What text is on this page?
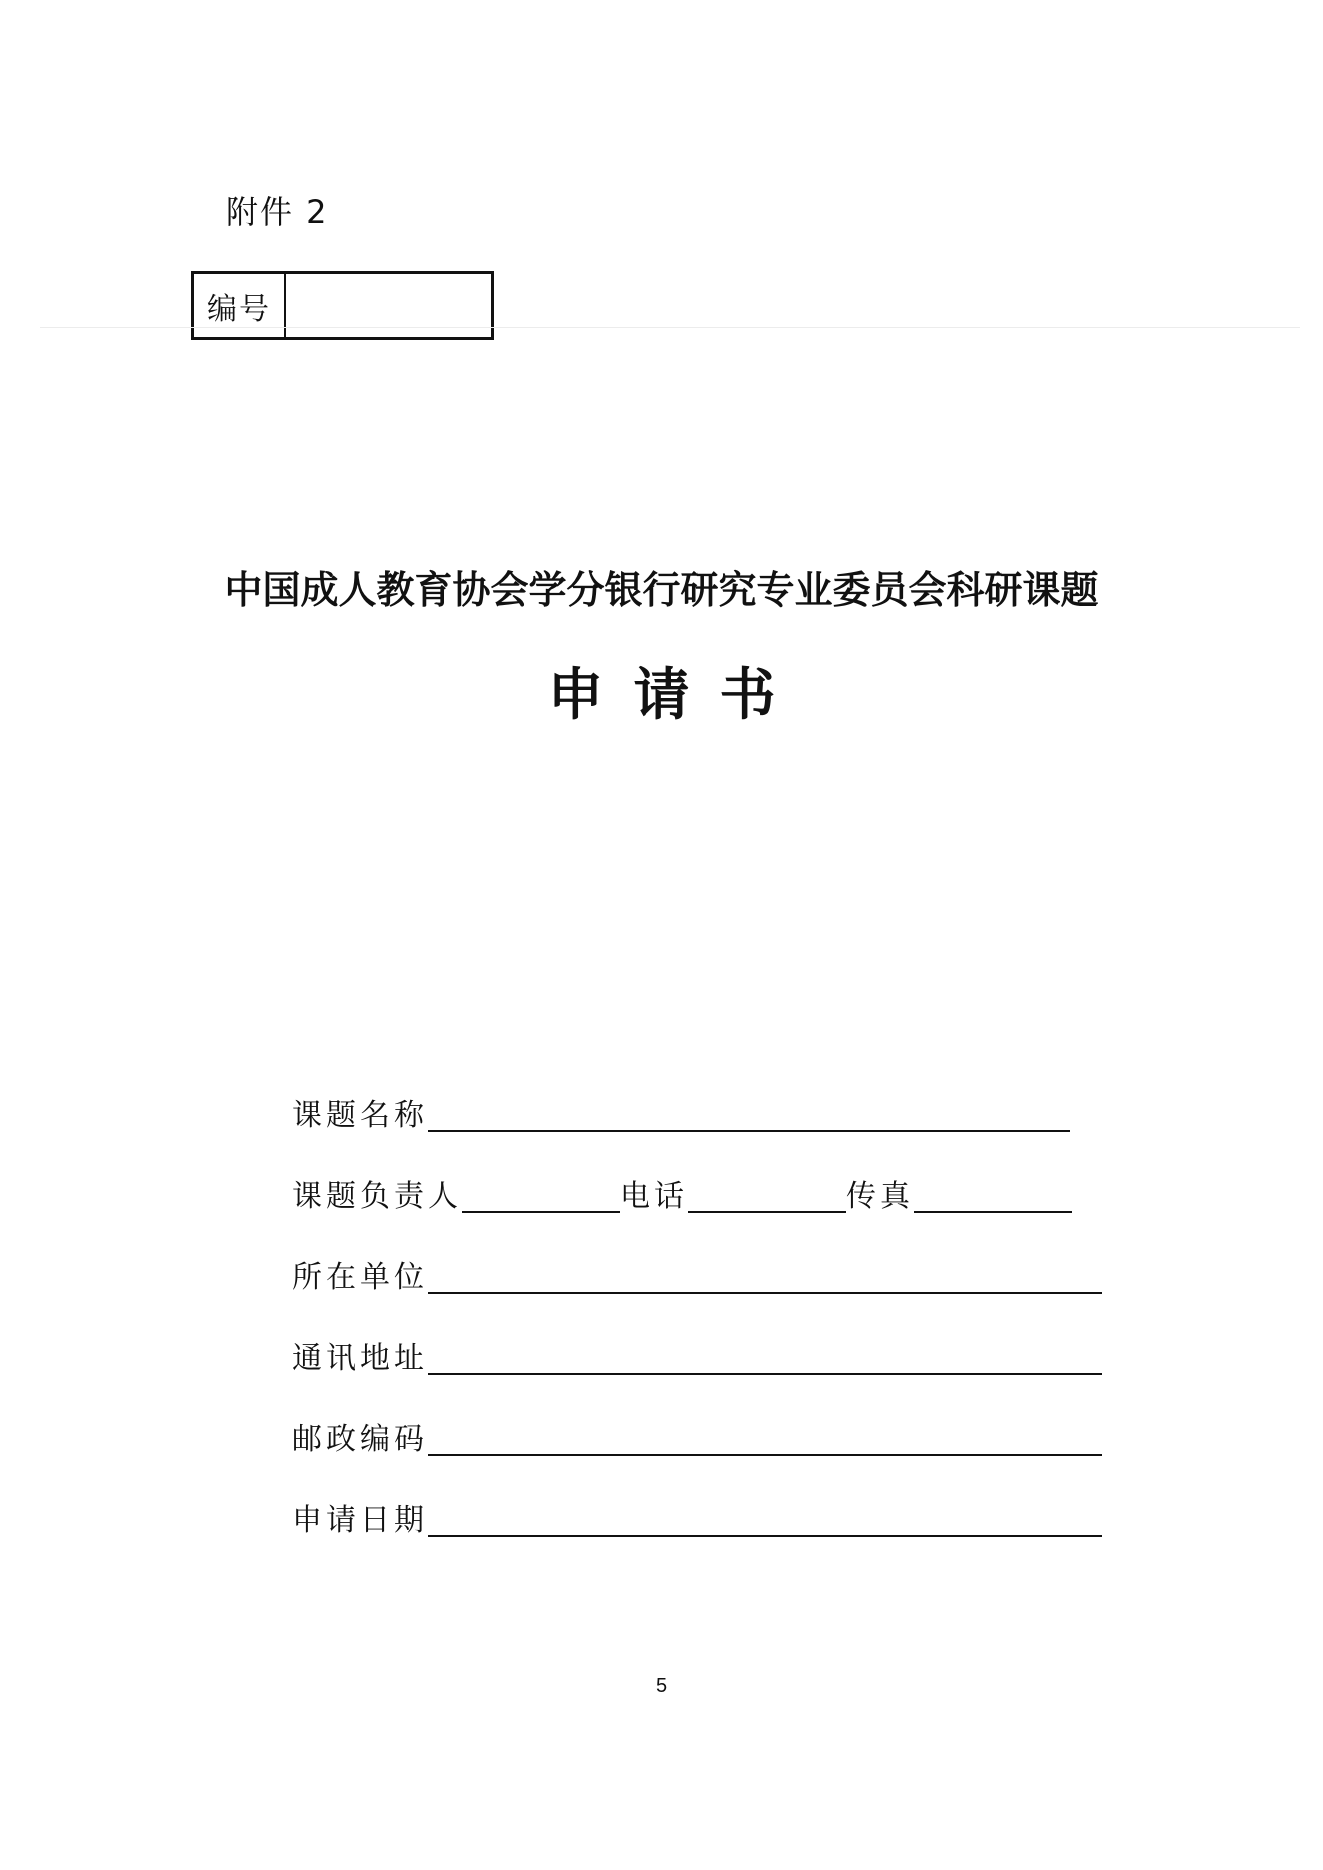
附件 2
编号
中国成人教育协会学分银行研究专业委员会科研课题
申请书
课题名称
课题负责人	电话	传真
所在单位
通讯地址
邮政编码
申请日期
5
